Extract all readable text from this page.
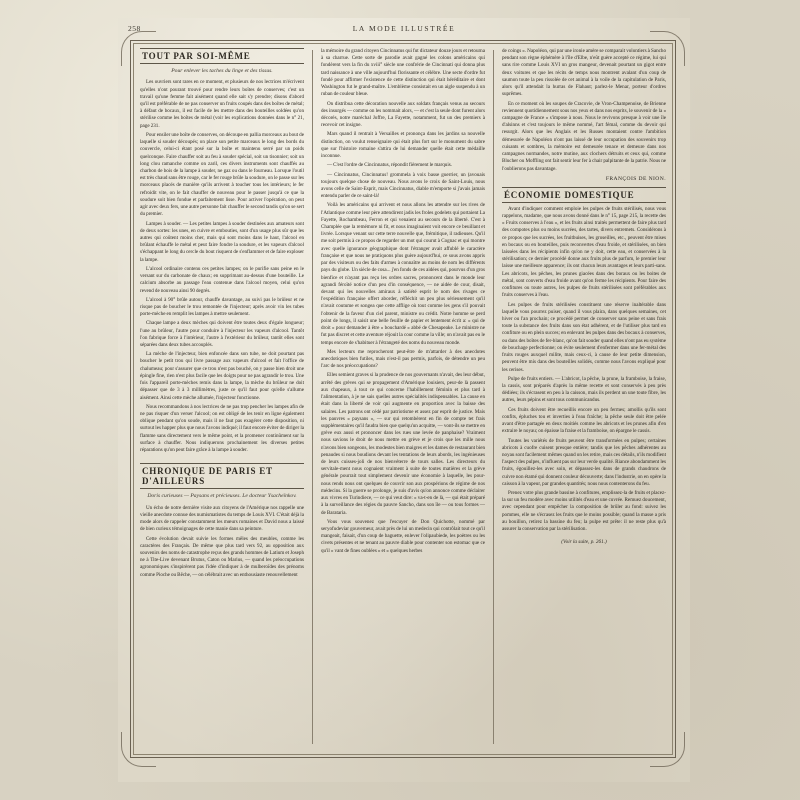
258	LA MODE ILLUSTRÉE
TOUT PAR SOI-MÊME
Pour enlever les taches du linge et des tissus.

Les ouvriers sont rares en ce moment, et plusieurs de nos lectrices m'écrivent qu'elles n'ont pourant trouvé pour rendre leurs boîtes de conserves; c'est un travail qu'une femme fait aisément quand elle sait s'y prendre; disons d'abord qu'il est préférable de ne pas conserver un fruits coupés dans des boîtes de métal; à défaut de bocaux, il est facile de les mettre dans des bouteilles soldées qu'on stérilise comme les boîtes de métal (voir les explications données dans le n° 21, page 231.

Pour ensiler une boîte de conserves, on découpe en pallia morceaux au bout de laquelle si souder découpés; on place son petite marceaux le long des bords du couvercle, celui-ci étant posé sur la boîte et maintenu serré par un poids quelconque. Faire chauffer soit au feu à souder spécial, soit un tisonnier; soit un long clou ramanche comme on zaril, ces divers instruments sont chauffés au charbon de bois de la lampe à souder, ne gaz ou dans le fourneau. Lorsque l'outil est très chaud sans être rouge, car le fer rouge brûle la soudure, on le passe sur les morceaux placés de manière qu'ils arrivent à toucher tous les intérieurs; le fer refroidit vite, on le fait chauffer de nouveau pour le passer jusqu'à ce que la soudure soit bien fondue et parfaitement lisse. Pour activer l'opération, on peut agir avec deux fers, une autre personne fait chauffer le second tandis qu'on se sert du premier.

Lampes à souder. — Les petites lampes à souder destinées aux amateurs sont de deux sortes: les unes, en cuivre et embouties, sont d'un usage plus sûr que les autres qui coûtent moins cher, mais qui sont moins dans le haut, l'alcool en brûlant échauffe le métal et peut faire fondre la soudure, et les vapeurs d'alcool s'échappant le long du cercle du bout risquent de s'enflammer et de faire exploser la lampe.

L'alcool ordinaire contenu ces petites lampes; on le purifie sans peine en le versant sur du carbonate de chaux; en supprimant au-dessus d'une bouteille. Le calcium absorbe au passage l'eau contenue dans l'alcool moyen, celui qu'on revend de nouveau ainsi 90 degrés.

L'alcool à 90° brûle autour, chauffe davantage, au suivi pas le brûleur et ne risque pas de boucher le trou remontée de l'injecteur; après avoir vin les tubes porte-mèche en remplit les lampes à mettre seulement.

Chaque lampe a deux mèches qui doivent être toutes deux d'égale longueur; l'une au brûleur, l'autre pour conduire à l'injecteur les vapeurs d'alcool. Tantôt l'on fabrique force à l'intérieur, l'autre à l'extérieur du brûleur, tantôt elles sont séparées dans deux tubes accouplés.

La mèche de l'injecteur, bien enfoncée dans son tube, ne doit pourtant pas boucher le petit trou qui livre passage aux vapeurs d'alcool et fait l'office de chalumeau; pour s'assurer que ce trou n'est pas bouché, on y passe bien droit une épingle fine, rien n'est plus facile que les doigts pour ne pas agrandir le trou. Une fois l'appareil porte-mèches remis dans la lampe, la mèche du brûleur ne doit dépasser que de 3 à 3 millimètres, juste ce qu'il faut pour qu'elle s'allume aisément. Ainsi cette mèche allumée, l'injecteur fonctionne.

Nous recommandons à nos lectrices de ne pas trop pencher les lampes afin de ne pas risquer d'un verser l'alcool; on est obligé de les tenir en ligne également oblique pendant qu'on soude, mais il ne faut pas exagérer cette disposition, ni surtout les happer plus que nous l'avons indiqué; il faut encore éviter de diriger la flamme sans directement vers le même point, et la promener continûment sur la surface à chauffer. Nous indiquerons prochainement les diverses petites réparations qu'on peut faire grâce à la lampe à souder.

CHRONIQUE DE PARIS ET D'AILLEURS
Doris curieuses — Paysans et précieuses. Le docteur Ysacheïnkov.

Un écho de notre dernière visite aux citoyens de l'Amérique nos rappelle une vieille anecdote connue des numismatistes du temps de Louis XVI. C'était déjà la mode alors de rappeler constamment les mœurs romaines et David nous a laissé de bien curieux témoignages de cette manie dans sa peinture.

Cette évolution devait suivie les formes mêles des meubles, comme les caractères des Français. De même que plus tard vers 92, au opposition aux souvenirs des noms de catastrophe reçus des grands hommes de Latium et Joseph ne à Tite-Live devenant Brutus, Caton ou Marius, — quand les préoccupations agronomiques s'inspirèrent pas l'idée d'indiquer à de mulberoïdes des prénoms comme Pioche ou Bêche, — on célébrait avec un enthousiaste renouvellement

la mémoire du grand citoyen Cincinnatus qui fut dictateur douze jours et retourna à sa charrue. Cette sorte de parodie avait gagné les colons américains qui fondèrent vers la fin du xviii° siècle une confrérie de Cincinnati qui donna plus tard naissance à une ville aujourd'hui florissante et célèbre. Une secte d'ordre fut fondé pour affirmer l'existence de cette distinction qui était héréditaire et dont Washington fut le grand-maître. L'emblème consistait en un aigle suspendu à un ruban de couleur bleue.

On distribua cette décoration nouvelle aux soldats français venus au secours des insurgés — comme on les nommait alors, — et c'est la seule dont furent alors décorés, notre maréchal Joffre, La Fayette, notamment, fut un des premiers à recevoir cet insigne.

Mars quand il rentrait à Versailles et prononça dans les jardins sa nouvelle distinction, on voulut renseignaire qui était plus fort sur le monument du sabre que sur l'histoire romaine s'attira de lui demander quelle était cette médaille inconnue.

— C'est l'ordre de Cincinnatus, répondit fièrement le marquis.

— Cincinnatus, Cincinnatus! grommela à voix basse guerrier, un (avouais toujours quelque chose de nouveau. Nous avons le croix de Saint-Louis, nous avons celle de Saint-Esprit, mais Cincinnatus, diable m'emporte si j'avais jamais entendu parler de ce saint-là!

Voilà les américains qui arrivent et nous allons les attendre sur les rives de l'Atlantique comme leur père attendirent jadis les froles godelets qui portaient La Fayette, Rochambeau, Ferron et qui venaient au secours de la liberté. C'est à Champlée que la remémore ni fit, et nous imaginaient voit encore ce beuillant et livrée. Lorsque venant sur cette terre nouvelle que, frémitique, il radieuses. Qu'il me soit permis à ce propos de regarder un mot qui courut à Cognac et qui montre avec quelle ignorance géographique dont l'étranger avait affublé le caractère française et que nous ne pratiquons plus guère aujourd'hui, ce sous avons appris par des visiteurs ou des faits d'armes à connaître au moins de nom les différents pays du globe. Un siècle de cosa... j'en fonds de ces aidées qui, pourvus d'un gros bienfice et n'ayant pas reçu les ordres sacres, prononcent dans le monde leur agrandi féroïté notice d'un peu d'in conséquence, — ne aidée de cour, disait, devant qui les nouvelles amiraux à satiété esprit le nom des rivages ce l'expédition française offert aborder, réfléchit un peu plus sérieusement qu'il n'avait coutume et songea que cette afflige où tout comme les gens s'il pouvait l'obtenir de la faveur d'un ciel parent, ministre ou crédit. Notre homme se perd point de longs, il saisit une belle feuille de papier et lentement écrit a: « qui de droit » pour demander à être « bouchardé » abbé de Chesapeake. Le ministre ne fut pas discret et cette aventure réjouit la cour comme la ville; on n'avait pas eu le temps encore de s'habituer à l'étrangeté des noms du nouveau monde.

Mes lecteurs me reprocheront peut-être de m'attarder à des anecdotes anecdotiques bien futiles, mais n'est-il pas permis, parfois, de détendre un peu l'arc de nos préoccupations?

Elles semient graves si la prudence de nos gouvernants n'avait, des leur début, arrêté des grèves qui se propagement d'Amérique louisiers, peur-de là passent aux chapeaux, à tout ce qui concerne l'habillement féminin et plus tard à l'alimentation, à je ne sais quelles autres spécialités indispensables. La cause en était dans la liberté de voir qui augmente en proportion avec la baisse des salaires. Les patrons ont cédé par patriotisme et assez par esprit de justice. Mais les pauvres « paysans », — sur qui retombèrent en fin de compte tet frais supplémentaires qu'il faudra bien que quelqu'un acquitte, — vont-ils se mettre en grève eux aussi et prononcer dans les rues une levée de panphaise? Vraiment nous savions le droit de nous mettre en grève et je crois que les mille nous n'avons bien songeons, les modestes bien maigres et les dames de restaurant bien penaudes si nous boudions devant les tentations de leurs abords, les ingénieuses de leurs cuisses-joli de nos bienvéterre de tours salles. Les directeurs du servitale-ment nous cognaient vraiment à suite de toutes matières et la grève générale pourrait tout simplement devenir une économie à laquelle, les pour-nous rends nous ont quelques de couvrir son aux prospérions de régime de nos médecins. Si la guerre se prolonge, je suis d'avis qu'on annonce comme déclairer aux vivres en Turindiece, — ce qui veut dire: « va-t-en de là, — qui était préparé à la surveillance des régies du pauvre Sancho, dans son île — ou tous formes — de Barataria.

Vous vous souvenez que l'escuyer de Don Quichotte, nommé par seryofudeviar gouverneur, avait près de lui un medecin qui contrôlait tout ce qu'il mangeait, faisait, d'un coup de baguette, enlever l'olipaubiede, les poètres ou les civets présentes et ne tenant au pauvre diable pour contenter son estomac que ce qu'il « vant de fines oublées » et « quelques herbes

de coings ». Napoléon, qui par une ironie amère se comparait volontiers à Sancho pendant son règne éphémère à l'île d'Elbe, n'eût guère accepté ce régime, lui qui sans rire comme Louis XVI un gros mangeur, devenait pourtant un gigot entre deux voitures et que les récits de temps nous montrent avalant d'un coup de saumon toute la peu rissolée de cet animal à la voile de la capitulation de Paris, alors qu'il attendait la hurras de Flahaut; parlez-le Menar, porteur d'ordres suprêmes.

En ce moment où les soupes de Cracovie, de Vron-Champenoise, de Brienne reviennent quotidiennement sous nos yeux et dans nos esprits, le souvenir de la « campagne de France » s'impose à nous. Nous le revivons presque à voir une île d'alsinns et c'est toujours le même nommé, l'art fémal, comme du devoir qui resurgit. Alors que les Anglais et les Russes montaient contre l'ambition démesurée de Napoléon n'ont pas laissé de leur occupation des souvenirs trop cuisants et sombres, la mémoire est demeurée tenace et demeure dans nos campagnes normandes, notre mutine, aux clochers détruits et ceux qui, comme Blucher ou Moffling ont fait sentir leur fer à chair palpitante de la patrie. Nous ne l'oublierons pas davantage.

FRANÇOIS DE NION.
ÉCONOMIE DOMESTIQUE

Avant d'indiquer comment emploie les pulpes de fruits stérilisés, nous vous rappelons, madame, que nous avons donné dans le n° 15, page 215, la recette des « Fruits conserves à l'eau », et les fruits ainsi traités permettent de faire plus tard des compotes plus ou moins sucrées, des tartes, divers entremets. Considérons à ce propos que les sucrées, les fruitbuises, les groseilles, etc., peuvent être mises en bocaux ou en bouteilles, puis reconvertes d'eau froide, et stérilisées, on bien laissées dans les récipients infin qu'on ne y doit, cette eau, et conservées à la stérilisation; ce dernier procédé donne aux fruits plus de parfum, le premier leur laisse une meilleure apparence; ils ont chacun leurs avantages et leurs parti-sans. Les abricots, les pêches, les prunes giacées dans des boraux ou les boites de métal, sont converts d'eau froide avant qu'on ferme les récipients. Pour faire des confitures ou toute autres, les pulpes de fruits stérilisées sont préférables aux fruits conserves à l'eau.

Les pulpes de fruits stérilisées constituent une réserve inaltérable dans laquelle vous pourrez puiser, quand il vous plaira, dans quelques semaines, cet hiver ou l'an prochain; ce procédé permet de conserver sans peine et sans frais toute la substance des fruits dans son état adhérent, et de l'utiliser plus tard en confiture ou en plein succes; en enlevant les pulpes dans des bocaux à conserves, ou dans des boîtes de fer-blanc, qu'on fait souder quand elles n'ont pas eu système de bouchage perfectionne; on évite seulement d'enfermer dans une fer-métal des fruits rouges auxquel milite, mais ceux-ci, à cause de leur petite dimension, peuvent être mis dans des bouteilles solidés, comme nous l'avons expliqué pour les cerises.

Pulpe de fruits entiers. — L'abricot, la pêche, la prune, la framboise, la fraise, la cassis, sont préparés d'après la même recette et sont conservés à peu près dédiées; ils s'écrasent en peu à la caisson, mais ils perdent un une toute fibre, les autres, leurs pépins et sont tous communicandus.

Ces fruits doivent être recueillis encore un peu fermes; amollis qu'ils sont confits, épluches tou et inverties à l'eau fraîche; la pêche seule doit être pelée avant d'être partagée en deux moitiés comme les abricots et les prunes afin d'en extraire le noyau; on épaisse la fraise et la framboise, on épargne le cassis.

Toutes les variétés de fruits peuvent être transformées en pulpes; certaines abricots à cuofre cuisent presque entière; tandis que les pêches adhérentes au noyau sont facilement mêmes quand on les retire, mais ces détails, n'ils modifient l'aspect des pulpes, n'influent pas sur leur verde qualité. Riance abondamment les fruits, égouillez-les avec soin, et dépassez-les dans de grands chaudrons de cuivre non étamé qui donnent couleur découverte; dans l'industrie, on en opère la caisson à la vapeur, par grandes quantités; nous nous contenterons du feu.

Prenez votre plus grande bassine à confitures, emplissez-la de fruits et placez-la sur un feu modère avec moins utilités d'eau et une cuvrée. Remuez doucement, avec cependant pour empêcher la composition de brûler au fond: suivez les pommes, elle ne s'écrasez les fruits que le moins possible; quand la masse a pris au bouillon, retirez la bassine du feu; la pulpe est prête: il ne reste plus qu'à assurer la conservation par la stérilisation.

(Voir la suite, p. 261.)
